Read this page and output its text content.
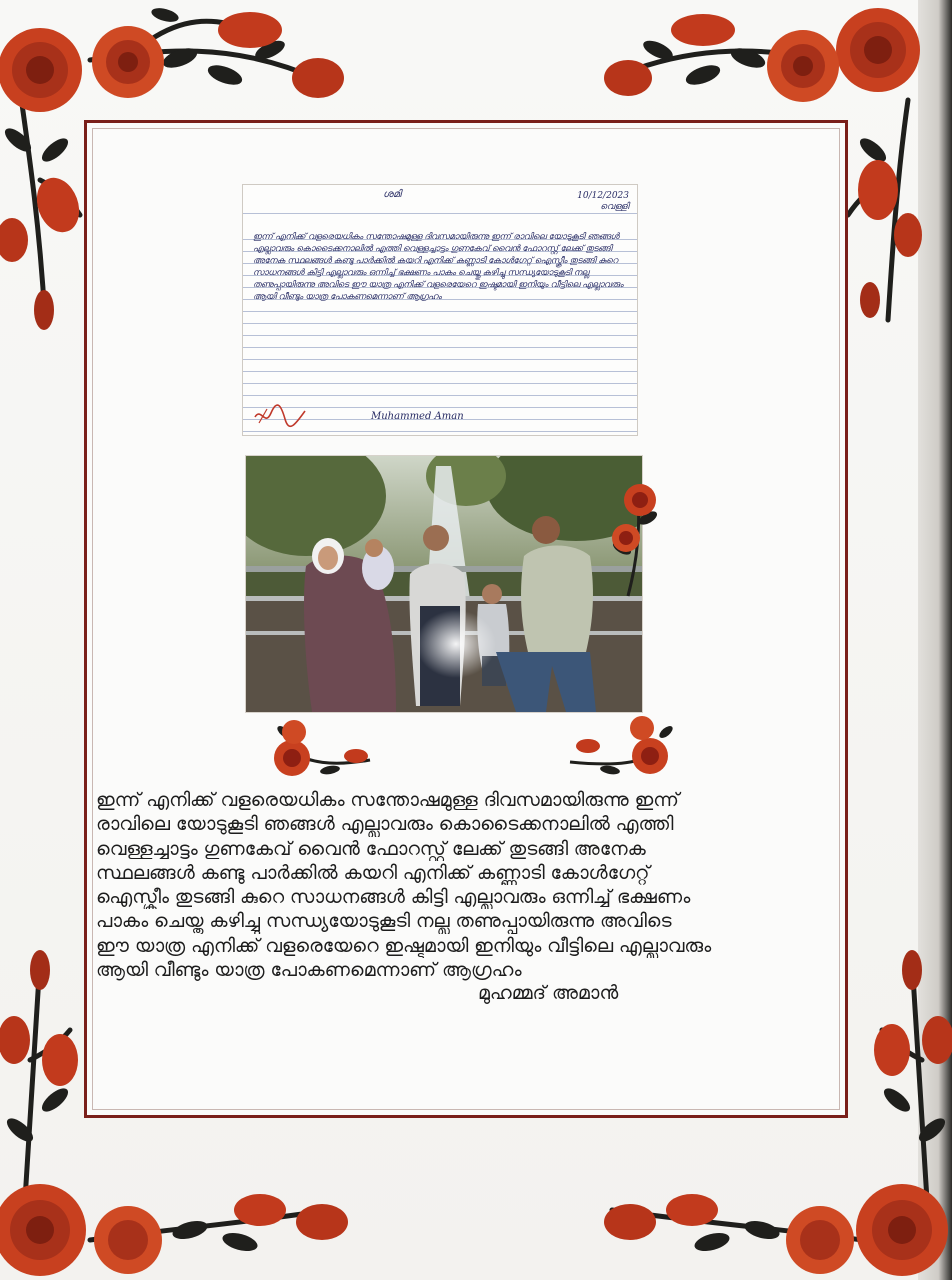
ശമി	10/12/2023
വെള്ളി
ഇന്ന് എനിക്ക് വളരെയധികം സന്തോഷമുള്ള ദിവസമായിരുന്നു ഇന്ന് രാവിലെ യോടുകൂടി ഞങ്ങൾ എല്ലാവരും കൊടൈക്കനാലിൽ എത്തി വെള്ളച്ചാട്ടം ഗുണകേവ് വൈൻ ഫോറസ്റ്റ് ലേക്ക് തുടങ്ങി അനേക സ്ഥലങ്ങൾ കണ്ടു പാർക്കിൽ കയറി എനിക്ക് കണ്ണാടി കോൾഗേറ്റ് ഐസ്ക്രീം തുടങ്ങി കുറെ സാധനങ്ങൾ കിട്ടി എല്ലാവരും ഒന്നിച്ച് ഭക്ഷണം പാകം ചെയ്തു കഴിച്ചു സന്ധ്യയോടുകൂടി നല്ല തണുപ്പായിരുന്നു അവിടെ ഈ യാത്ര എനിക്ക് വളരെയേറെ ഇഷ്ടമായി ഇനിയും വീട്ടിലെ എല്ലാവരും ആയി വീണ്ടും യാത്ര പോകണമെന്നാണ് ആഗ്രഹം
Muhammed Aman

ഇന്ന് എനിക്ക് വളരെയധികം സന്തോഷമുള്ള ദിവസമായിരുന്നു ഇന്ന്

രാവിലെ യോടുകൂടി ഞങ്ങൾ എല്ലാവരും കൊടൈക്കനാലിൽ എത്തി

വെള്ളച്ചാട്ടം ഗുണകേവ് വൈൻ ഫോറസ്റ്റ് ലേക്ക് തുടങ്ങി അനേക

സ്ഥലങ്ങൾ കണ്ടു പാർക്കിൽ കയറി എനിക്ക് കണ്ണാടി കോൾഗേറ്റ്

ഐസ്ക്രീം തുടങ്ങി കുറെ സാധനങ്ങൾ കിട്ടി എല്ലാവരും ഒന്നിച്ച് ഭക്ഷണം

പാകം ചെയ്തു കഴിച്ചു സന്ധ്യയോടുകൂടി നല്ല തണുപ്പായിരുന്നു അവിടെ

ഈ യാത്ര എനിക്ക് വളരെയേറെ ഇഷ്ടമായി ഇനിയും വീട്ടിലെ എല്ലാവരും

ആയി വീണ്ടും യാത്ര പോകണമെന്നാണ് ആഗ്രഹം

മുഹമ്മദ് അമാൻ
